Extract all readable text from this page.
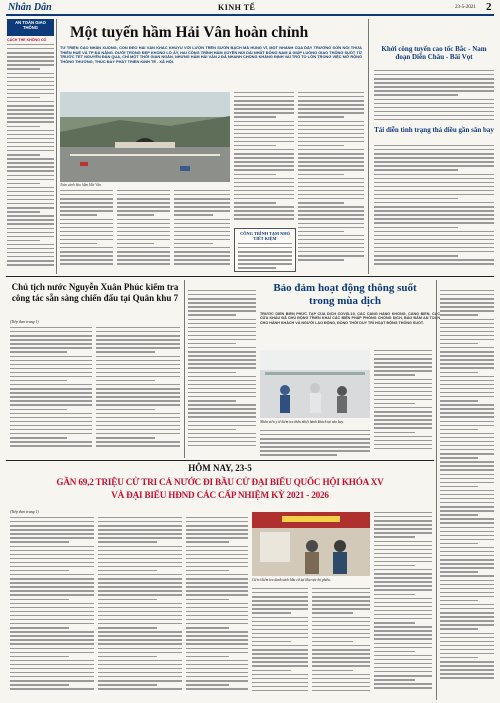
Nhân Dân	KINH TẾ	23-5-2021 2
AN TOÀN GIAO THÔNG
CÁCH THỂ KHÔNG CÓ	Một tuyến hầm Hải Vân hoàn chỉnh
TỪ TRIỆN CÁO NHÂN XUỐNG, CON ĐEO HẢI VÂN KHÁC KHUỴU VỚI LƯỢN TRÊN SƯỜN BẠCH MÃ HÙNG VĨ, MỘT NHÁNH CỦA DÃY TRƯỜNG SƠN NỐI THỪA THIÊN HUẾ VÀ TP ĐÀ NẴNG. DƯỚI TRÒNG ĐẸP KHỔNG LỒ ẤY, HAI CÔNG TRÌNH HẦM XUYÊN NÚI DÀI NHẤT ĐÔNG NAM Á GIÚP LUỒNG GIAO THÔNG SUỐT TỪ TRƯỚC TẾT NGUYÊN ĐÁN QUA, CHỈ MỘT THỜI GIAN NGẮN, NHƯNG HẦM HẢI VÂN 2 ĐÃ NHANH CHÓNG KHẲNG ĐỊNH VAI TRÒ TO LỚN TRONG VIỆC MỞ RỘNG THÔNG THƯƠNG, THÚC ĐẨY PHÁT TRIỂN KINH TẾ - XÃ HỘI.
Toàn cảnh khu hầm Hải Vân.
CÔNG TRÌNH TẠM NHỎ TIẾT KIỆM
Khởi công tuyến cao tốc Bắc - Nam đoạn Diễn Châu - Bãi Vọt
Tái diễn tình trạng thả diều gần sân bay
Chủ tịch nước Nguyễn Xuân Phúc kiểm tra công tác sẵn sàng chiến đấu tại Quân khu 7
(Tiếp theo trang 1)
Bảo đảm hoạt động thông suốt trong mùa dịch
TRƯỚC DIỄN BIẾN PHỨC TẠP CỦA DỊCH COVID-19, CÁC CẢNG HÀNG KHÔNG, CẢNG BIỂN, CÁC CỬA KHẨU ĐÃ CHỦ ĐỘNG TRIỂN KHAI CÁC BIỆN PHÁP PHÒNG CHỐNG DỊCH, BẢO ĐẢM AN TOÀN CHO HÀNH KHÁCH VÀ NGƯỜI LAO ĐỘNG, ĐỒNG THỜI DUY TRÌ HOẠT ĐỘNG THÔNG SUỐT.
Nhân viên y tế kiểm tra thân nhiệt hành khách tại sân bay.
HÔM NAY, 23-5
GẦN 69,2 TRIỆU CỬ TRI CẢ NƯỚC ĐI BẦU CỬ ĐẠI BIỂU QUỐC HỘI KHÓA XV
VÀ ĐẠI BIỂU HĐND CÁC CẤP NHIỆM KỲ 2021 - 2026
(Tiếp theo trang 1)
Cử tri kiểm tra danh sách bầu cử tại khu vực bỏ phiếu.
